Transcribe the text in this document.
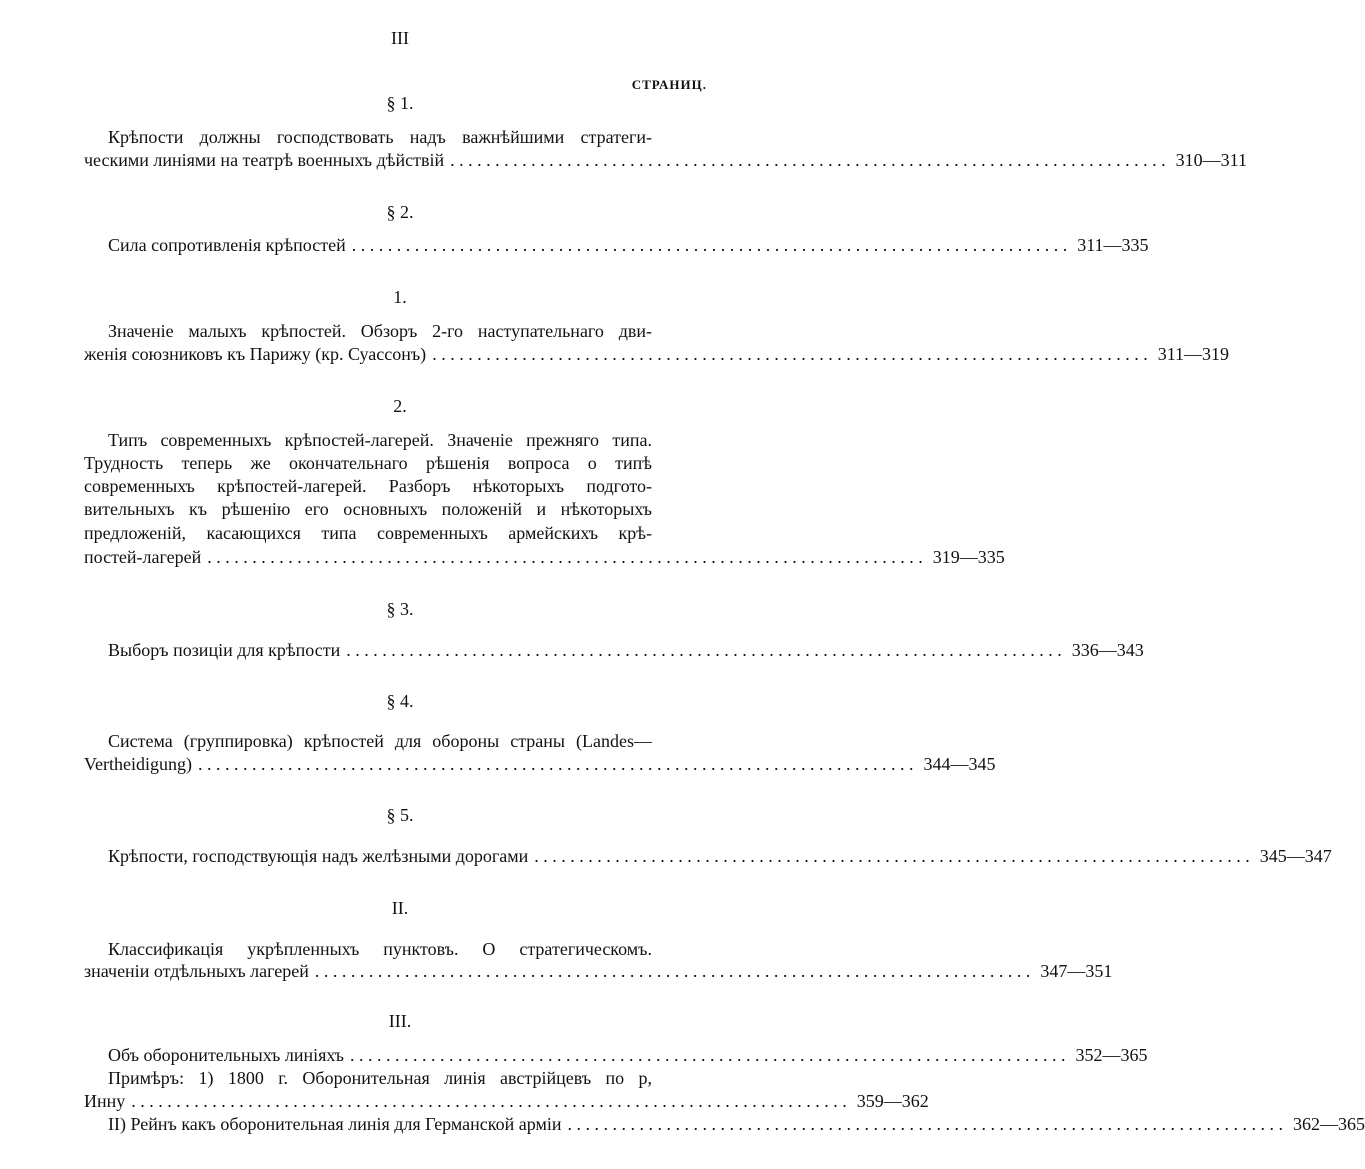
III
СТРАНИЦ.
§ 1.
Крѣпости должны господствовать надъ важнѣйшими стратеги-
ческими линіями на театрѣ военныхъ дѣйствій . . . . . . . . . . . . . . . . . . . . . . . . . . . . . . . . . . . . . . . . . . . . . . . . . . . . . . . . . . . . . . . . . . . . . . . . . . . . . . . . 310—311
§ 2.
Сила сопротивленія крѣпостей . . . . . . . . . . . . . . . . . . . . . . . . . . . . . . . . . . . . . . . . . . . . . . . . . . . . . . . . . . . . . . . . . . . . . . . . . . . . . . . . 311—335
1.
Значеніе малыхъ крѣпостей. Обзоръ 2-го наступательнаго дви-
женія союзниковъ къ Парижу (кр. Суассонъ) . . . . . . . . . . . . . . . . . . . . . . . . . . . . . . . . . . . . . . . . . . . . . . . . . . . . . . . . . . . . . . . . . . . . . . . . . . . . . . . . 311—319
2.
Типъ современныхъ крѣпостей-лагерей. Значеніе прежняго типа.
Трудность теперь же окончательнаго рѣшенія вопроса о типѣ
современныхъ крѣпостей-лагерей. Разборъ нѣкоторыхъ подгото-
вительныхъ къ рѣшенію его основныхъ положеній и нѣкоторыхъ
предложеній, касающихся типа современныхъ армейскихъ крѣ-
постей-лагерей . . . . . . . . . . . . . . . . . . . . . . . . . . . . . . . . . . . . . . . . . . . . . . . . . . . . . . . . . . . . . . . . . . . . . . . . . . . . . . . . 319—335
§ 3.
Выборъ позиціи для крѣпости . . . . . . . . . . . . . . . . . . . . . . . . . . . . . . . . . . . . . . . . . . . . . . . . . . . . . . . . . . . . . . . . . . . . . . . . . . . . . . . . 336—343
§ 4.
Система (группировка) крѣпостей для обороны страны (Landes—
Vertheidigung) . . . . . . . . . . . . . . . . . . . . . . . . . . . . . . . . . . . . . . . . . . . . . . . . . . . . . . . . . . . . . . . . . . . . . . . . . . . . . . . . 344—345
§ 5.
Крѣпости, господствующія надъ желѣзными дорогами . . . . . . . . . . . . . . . . . . . . . . . . . . . . . . . . . . . . . . . . . . . . . . . . . . . . . . . . . . . . . . . . . . . . . . . . . . . . . . . . 345—347
II.
Классификація укрѣпленныхъ пунктовъ. О стратегическомъ.
значеніи отдѣльныхъ лагерей . . . . . . . . . . . . . . . . . . . . . . . . . . . . . . . . . . . . . . . . . . . . . . . . . . . . . . . . . . . . . . . . . . . . . . . . . . . . . . . . 347—351
III.
Объ оборонительныхъ линіяхъ . . . . . . . . . . . . . . . . . . . . . . . . . . . . . . . . . . . . . . . . . . . . . . . . . . . . . . . . . . . . . . . . . . . . . . . . . . . . . . . . 352—365
Примѣръ: 1) 1800 г. Оборонительная линія австрійцевъ по р,
Инну . . . . . . . . . . . . . . . . . . . . . . . . . . . . . . . . . . . . . . . . . . . . . . . . . . . . . . . . . . . . . . . . . . . . . . . . . . . . . . . . 359—362
II) Рейнъ какъ оборонительная линія для Германской арміи . . . . . . . . . . . . . . . . . . . . . . . . . . . . . . . . . . . . . . . . . . . . . . . . . . . . . . . . . . . . . . . . . . . . . . . . . . . . . . . . 362—365
